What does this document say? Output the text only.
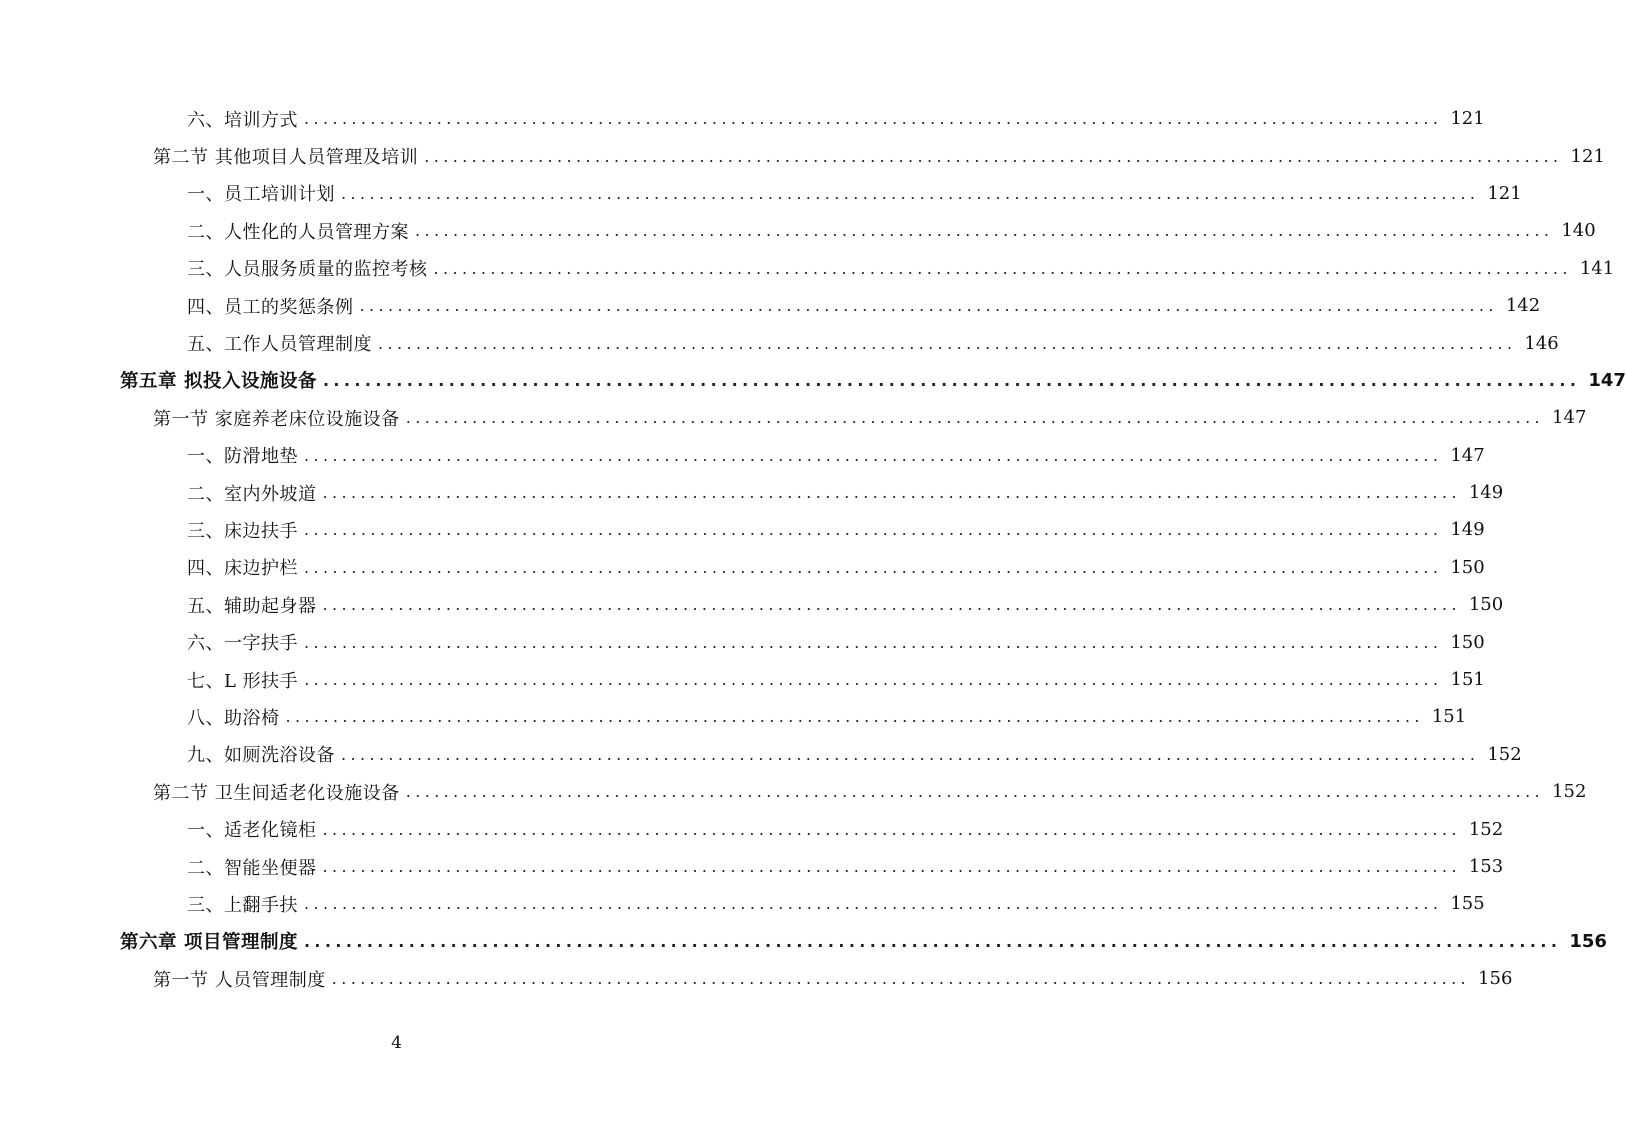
六、培训方式 ........................................................................................................................ 121
第二节 其他项目人员管理及培训 ........................................................................................................................ 121
一、员工培训计划 ........................................................................................................................ 121
二、人性化的人员管理方案 ........................................................................................................................ 140
三、人员服务质量的监控考核 ........................................................................................................................ 141
四、员工的奖惩条例 ........................................................................................................................ 142
五、工作人员管理制度 ........................................................................................................................ 146
第五章 拟投入设施设备 ........................................................................................................................ 147
第一节 家庭养老床位设施设备 ........................................................................................................................ 147
一、防滑地垫 ........................................................................................................................ 147
二、室内外坡道 ........................................................................................................................ 149
三、床边扶手 ........................................................................................................................ 149
四、床边护栏 ........................................................................................................................ 150
五、辅助起身器 ........................................................................................................................ 150
六、一字扶手 ........................................................................................................................ 150
七、L 形扶手 ........................................................................................................................ 151
八、助浴椅 ........................................................................................................................ 151
九、如厕洗浴设备 ........................................................................................................................ 152
第二节 卫生间适老化设施设备 ........................................................................................................................ 152
一、适老化镜柜 ........................................................................................................................ 152
二、智能坐便器 ........................................................................................................................ 153
三、上翻手扶 ........................................................................................................................ 155
第六章 项目管理制度 ........................................................................................................................ 156
第一节 人员管理制度 ........................................................................................................................ 156
4
